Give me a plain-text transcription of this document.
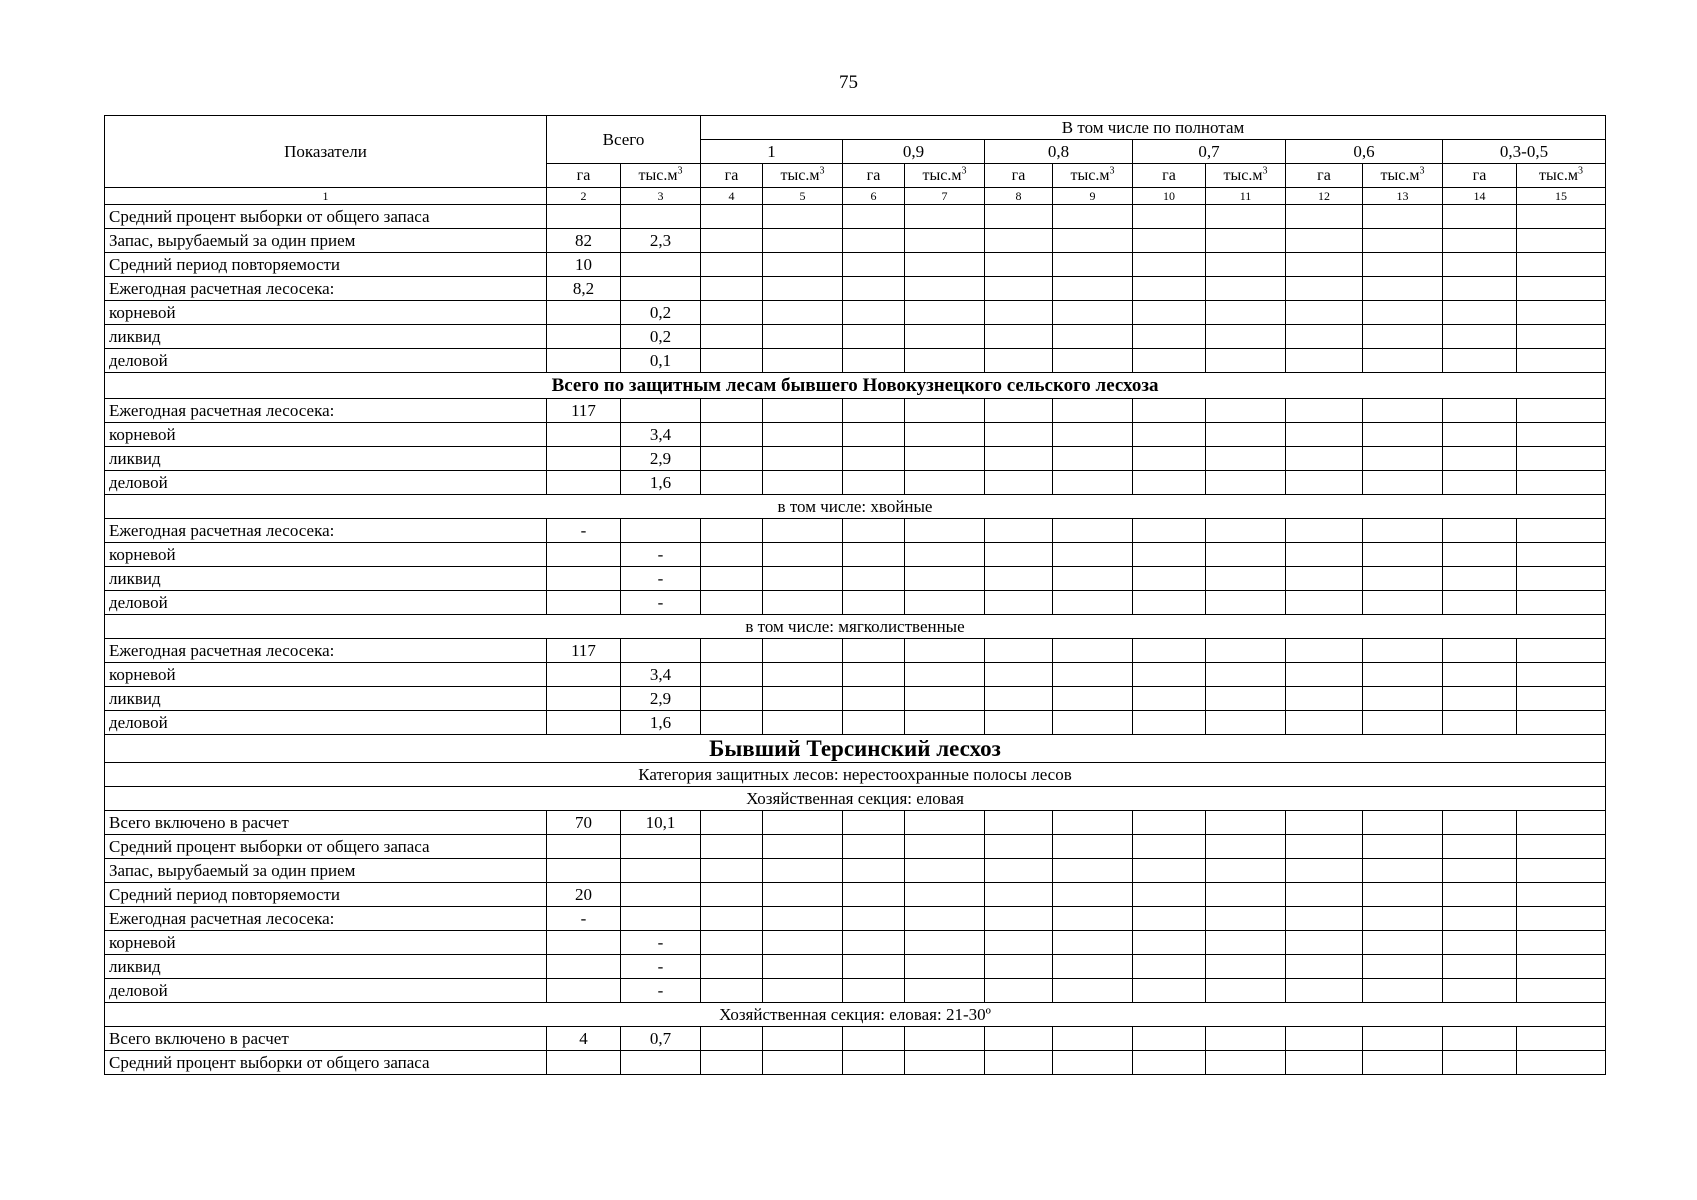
75
Показатели	Всего		В том числе по полнотам											
			1		0,9		0,8		0,7		0,6		0,3-0,5	
	га	$тыс.м^3$	га	$тыс.м^3$	га	$тыс.м^3$	га	$тыс.м^3$	га	$тыс.м^3$	га	$тыс.м^3$	га	$тыс.м^3$
1	2	3	4	5	6	7	8	9	10	11	12	13	14	15
Средний процент выборки от общего запаса														
Запас, вырубаемый за один прием	82	2,3												
Средний период повторяемости	10													
Ежегодная расчетная лесосека:	8,2													
корневой		0,2												
ликвид		0,2												
деловой		0,1												
Всего по защитным лесам бывшего Новокузнецкого сельского лесхоза														
Ежегодная расчетная лесосека:	117													
корневой		3,4												
ликвид		2,9												
деловой		1,6												
в том числе: хвойные														
Ежегодная расчетная лесосека:	-													
корневой		-												
ликвид		-												
деловой		-												
в том числе: мягколиственные														
Ежегодная расчетная лесосека:	117													
корневой		3,4												
ликвид		2,9												
деловой		1,6												
Бывший Терсинский лесхоз														
Категория защитных лесов: нерестоохранные полосы лесов														
Хозяйственная секция: еловая														
Всего включено в расчет	70	10,1												
Средний процент выборки от общего запаса														
Запас, вырубаемый за один прием														
Средний период повторяемости	20													
Ежегодная расчетная лесосека:	-													
корневой		-												
ликвид		-												
деловой		-												
Хозяйственная секция: еловая: 21-30º														
Всего включено в расчет	4	0,7												
Средний процент выборки от общего запаса														
